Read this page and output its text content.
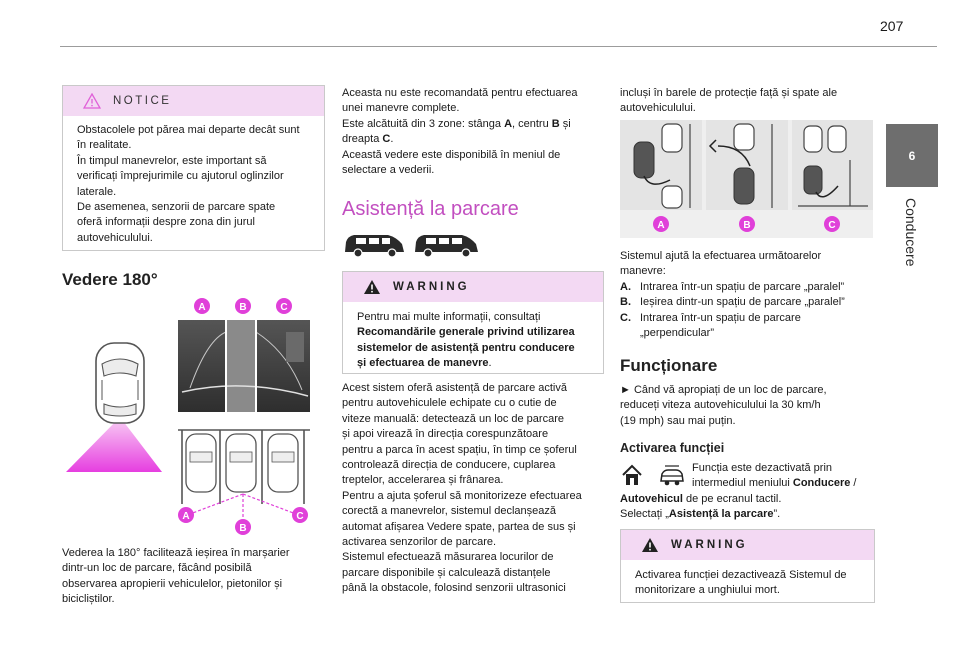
207
6
Conducere
NOTICE

Obstacolele pot părea mai departe decât sunt

în realitate.

În timpul manevrelor, este important să

verificați împrejurimile cu ajutorul oglinzilor

laterale.

De asemenea, senzorii de parcare spate

oferă informații despre zona din jurul

autovehiculului.

Vedere 180°
A	B	C
A
B
C

Vederea la 180° facilitează ieșirea în marșarier

dintr-un loc de parcare, făcând posibilă

observarea apropierii vehiculelor, pietonilor și

bicicliștilor.

Aceasta nu este recomandată pentru efectuarea

unei manevre complete.

Este alcătuită din 3 zone: stânga A, centru B și

dreapta C.

Această vedere este disponibilă în meniul de

selectare a vederii.

Asistență la parcare
WARNING

Pentru mai multe informații, consultați

Recomandările generale privind utilizarea

sistemelor de asistență pentru conducere

și efectuarea de manevre.

Acest sistem oferă asistență de parcare activă

pentru autovehiculele echipate cu o cutie de

viteze manuală: detectează un loc de parcare

și apoi virează în direcția corespunzătoare

pentru a parca în acest spațiu, în timp ce șoferul

controlează direcția de conducere, cuplarea

treptelor, accelerarea și frânarea.

Pentru a ajuta șoferul să monitorizeze efectuarea

corectă a manevrelor, sistemul declanșează

automat afișarea Vedere spate, partea de sus și

activarea senzorilor de parcare.

Sistemul efectuează măsurarea locurilor de

parcare disponibile și calculează distanțele

până la obstacole, folosind senzorii ultrasonici

incluși în barele de protecție față și spate ale

autovehiculului.

A	B	C

Sistemul ajută la efectuarea următoarelor

manevre:

A. Intrarea într-un spațiu de parcare „paralel”

B. Ieșirea dintr-un spațiu de parcare „paralel”

C. Intrarea într-un spațiu de parcare

„perpendicular”

Funcționare

► Când vă apropiați de un loc de parcare,

reduceți viteza autovehiculului la 30 km/h

(19 mph) sau mai puțin.

Activarea funcției

Funcția este dezactivată prin

intermediul meniului Conducere /

Autovehicul de pe ecranul tactil.

Selectați „Asistență la parcare”.

WARNING

Activarea funcției dezactivează Sistemul de

monitorizare a unghiului mort.
